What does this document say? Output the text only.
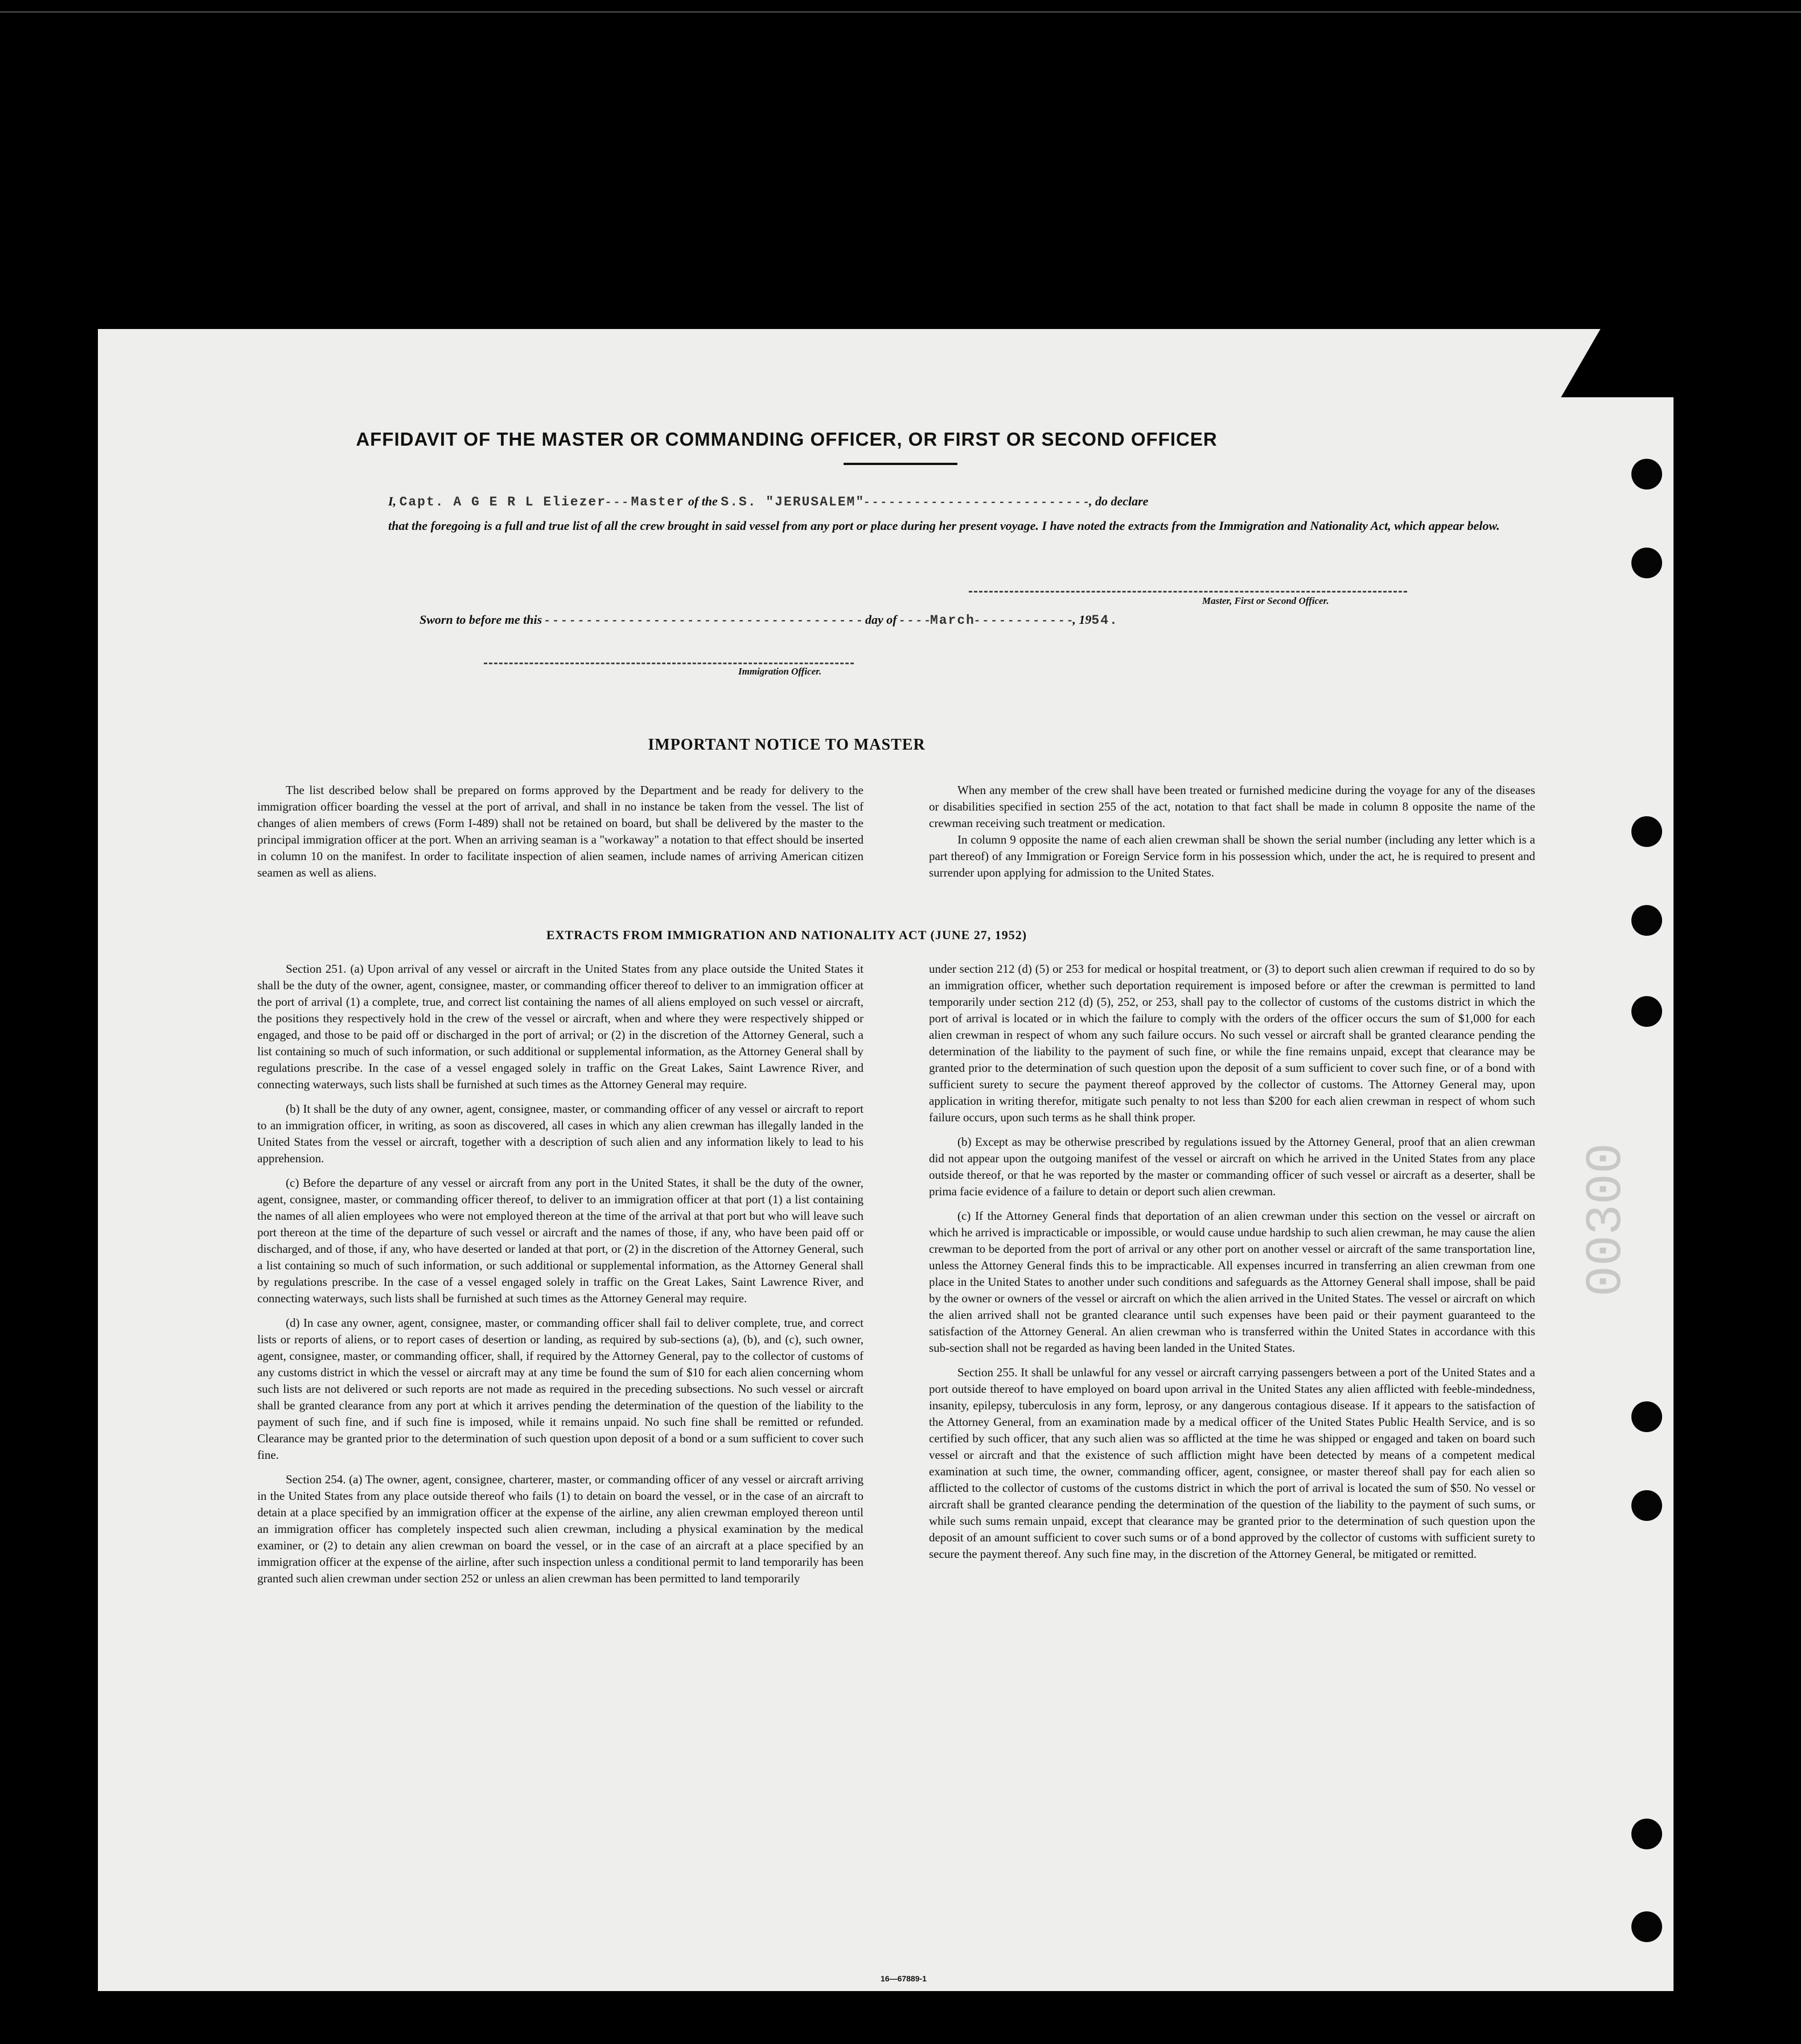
00300
AFFIDAVIT OF THE MASTER OR COMMANDING OFFICER, OR FIRST OR SECOND OFFICER
I, Capt. A G E R L Eliezer- - - Master of the S.S. "JERUSALEM"- - - - - - - - - - - - - - - - - - - - - - - - - - -, do declare
that the foregoing is a full and true list of all the crew brought in said vessel from any port or place during her present voyage. I have noted the extracts from the Immigration and Nationality Act, which appear below.
Master, First or Second Officer.
Sworn to before me this - - - - - - - - - - - - - - - - - - - - - - - - - - - - - - - - - - - - - - day of - - - -March- - - - - - - - - - - -, 1954.
Immigration Officer.
IMPORTANT NOTICE TO MASTER

The list described below shall be prepared on forms approved by the Department and be ready for delivery to the immigration officer boarding the vessel at the port of arrival, and shall in no instance be taken from the vessel. The list of changes of alien members of crews (Form I-489) shall not be retained on board, but shall be delivered by the master to the principal immigration officer at the port. When an arriving seaman is a "workaway" a notation to that effect should be inserted in column 10 on the manifest. In order to facilitate inspection of alien seamen, include names of arriving American citizen seamen as well as aliens.

When any member of the crew shall have been treated or furnished medicine during the voyage for any of the diseases or disabilities specified in section 255 of the act, notation to that fact shall be made in column 8 opposite the name of the crewman receiving such treatment or medication.

In column 9 opposite the name of each alien crewman shall be shown the serial number (including any letter which is a part thereof) of any Immigration or Foreign Service form in his possession which, under the act, he is required to present and surrender upon applying for admission to the United States.

EXTRACTS FROM IMMIGRATION AND NATIONALITY ACT (JUNE 27, 1952)

Section 251. (a) Upon arrival of any vessel or aircraft in the United States from any place outside the United States it shall be the duty of the owner, agent, consignee, master, or commanding officer thereof to deliver to an immigration officer at the port of arrival (1) a complete, true, and correct list containing the names of all aliens employed on such vessel or aircraft, the positions they respectively hold in the crew of the vessel or aircraft, when and where they were respectively shipped or engaged, and those to be paid off or discharged in the port of arrival; or (2) in the discretion of the Attorney General, such a list containing so much of such information, or such additional or supplemental information, as the Attorney General shall by regulations prescribe. In the case of a vessel engaged solely in traffic on the Great Lakes, Saint Lawrence River, and connecting waterways, such lists shall be furnished at such times as the Attorney General may require.

(b) It shall be the duty of any owner, agent, consignee, master, or commanding officer of any vessel or aircraft to report to an immigration officer, in writing, as soon as discovered, all cases in which any alien crewman has illegally landed in the United States from the vessel or aircraft, together with a description of such alien and any information likely to lead to his apprehension.

(c) Before the departure of any vessel or aircraft from any port in the United States, it shall be the duty of the owner, agent, consignee, master, or commanding officer thereof, to deliver to an immigration officer at that port (1) a list containing the names of all alien employees who were not employed thereon at the time of the arrival at that port but who will leave such port thereon at the time of the departure of such vessel or aircraft and the names of those, if any, who have been paid off or discharged, and of those, if any, who have deserted or landed at that port, or (2) in the discretion of the Attorney General, such a list containing so much of such information, or such additional or supplemental information, as the Attorney General shall by regulations prescribe. In the case of a vessel engaged solely in traffic on the Great Lakes, Saint Lawrence River, and connecting waterways, such lists shall be furnished at such times as the Attorney General may require.

(d) In case any owner, agent, consignee, master, or commanding officer shall fail to deliver complete, true, and correct lists or reports of aliens, or to report cases of desertion or landing, as required by sub-sections (a), (b), and (c), such owner, agent, consignee, master, or commanding officer, shall, if required by the Attorney General, pay to the collector of customs of any customs district in which the vessel or aircraft may at any time be found the sum of $10 for each alien concerning whom such lists are not delivered or such reports are not made as required in the preceding subsections. No such vessel or aircraft shall be granted clearance from any port at which it arrives pending the determination of the question of the liability to the payment of such fine, and if such fine is imposed, while it remains unpaid. No such fine shall be remitted or refunded. Clearance may be granted prior to the determination of such question upon deposit of a bond or a sum sufficient to cover such fine.

Section 254. (a) The owner, agent, consignee, charterer, master, or commanding officer of any vessel or aircraft arriving in the United States from any place outside thereof who fails (1) to detain on board the vessel, or in the case of an aircraft to detain at a place specified by an immigration officer at the expense of the airline, any alien crewman employed thereon until an immigration officer has completely inspected such alien crewman, including a physical examination by the medical examiner, or (2) to detain any alien crewman on board the vessel, or in the case of an aircraft at a place specified by an immigration officer at the expense of the airline, after such inspection unless a conditional permit to land temporarily has been granted such alien crewman under section 252 or unless an alien crewman has been permitted to land temporarily

under section 212 (d) (5) or 253 for medical or hospital treatment, or (3) to deport such alien crewman if required to do so by an immigration officer, whether such deportation requirement is imposed before or after the crewman is permitted to land temporarily under section 212 (d) (5), 252, or 253, shall pay to the collector of customs of the customs district in which the port of arrival is located or in which the failure to comply with the orders of the officer occurs the sum of $1,000 for each alien crewman in respect of whom any such failure occurs. No such vessel or aircraft shall be granted clearance pending the determination of the liability to the payment of such fine, or while the fine remains unpaid, except that clearance may be granted prior to the determination of such question upon the deposit of a sum sufficient to cover such fine, or of a bond with sufficient surety to secure the payment thereof approved by the collector of customs. The Attorney General may, upon application in writing therefor, mitigate such penalty to not less than $200 for each alien crewman in respect of whom such failure occurs, upon such terms as he shall think proper.

(b) Except as may be otherwise prescribed by regulations issued by the Attorney General, proof that an alien crewman did not appear upon the outgoing manifest of the vessel or aircraft on which he arrived in the United States from any place outside thereof, or that he was reported by the master or commanding officer of such vessel or aircraft as a deserter, shall be prima facie evidence of a failure to detain or deport such alien crewman.

(c) If the Attorney General finds that deportation of an alien crewman under this section on the vessel or aircraft on which he arrived is impracticable or impossible, or would cause undue hardship to such alien crewman, he may cause the alien crewman to be deported from the port of arrival or any other port on another vessel or aircraft of the same transportation line, unless the Attorney General finds this to be impracticable. All expenses incurred in transferring an alien crewman from one place in the United States to another under such conditions and safeguards as the Attorney General shall impose, shall be paid by the owner or owners of the vessel or aircraft on which the alien arrived in the United States. The vessel or aircraft on which the alien arrived shall not be granted clearance until such expenses have been paid or their payment guaranteed to the satisfaction of the Attorney General. An alien crewman who is transferred within the United States in accordance with this sub-section shall not be regarded as having been landed in the United States.

Section 255. It shall be unlawful for any vessel or aircraft carrying passengers between a port of the United States and a port outside thereof to have employed on board upon arrival in the United States any alien afflicted with feeble-mindedness, insanity, epilepsy, tuberculosis in any form, leprosy, or any dangerous contagious disease. If it appears to the satisfaction of the Attorney General, from an examination made by a medical officer of the United States Public Health Service, and is so certified by such officer, that any such alien was so afflicted at the time he was shipped or engaged and taken on board such vessel or aircraft and that the existence of such affliction might have been detected by means of a competent medical examination at such time, the owner, commanding officer, agent, consignee, or master thereof shall pay for each alien so afflicted to the collector of customs of the customs district in which the port of arrival is located the sum of $50. No vessel or aircraft shall be granted clearance pending the determination of the question of the liability to the payment of such sums, or while such sums remain unpaid, except that clearance may be granted prior to the determination of such question upon the deposit of an amount sufficient to cover such sums or of a bond approved by the collector of customs with sufficient surety to secure the payment thereof. Any such fine may, in the discretion of the Attorney General, be mitigated or remitted.

16—67889-1
